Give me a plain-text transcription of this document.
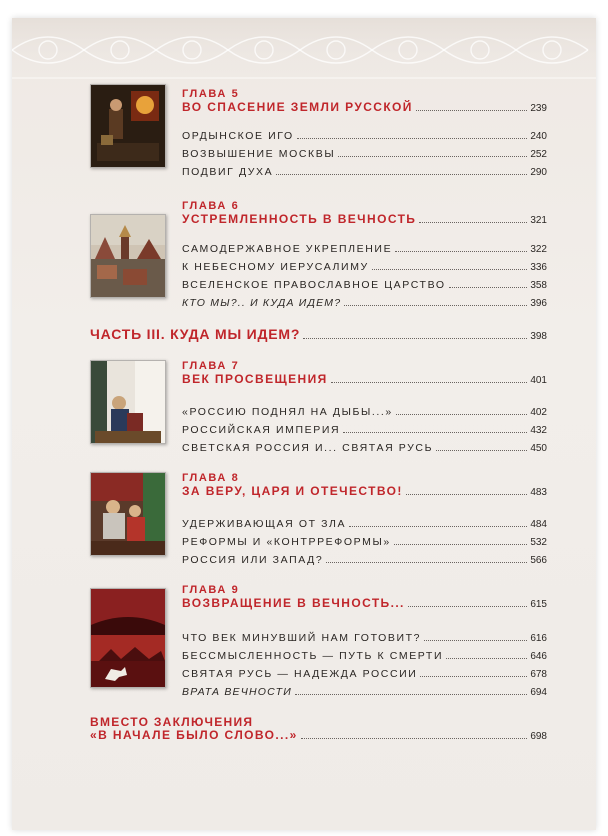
ГЛАВА 5
ВО СПАСЕНИЕ ЗЕМЛИ РУССКОЙ	239
ОРДЫНСКОЕ ИГО	240
ВОЗВЫШЕНИЕ МОСКВЫ	252
ПОДВИГ ДУХА	290
ГЛАВА 6
УСТРЕМЛЕННОСТЬ В ВЕЧНОСТЬ	321
САМОДЕРЖАВНОЕ УКРЕПЛЕНИЕ	322
К НЕБЕСНОМУ ИЕРУСАЛИМУ	336
ВСЕЛЕНСКОЕ ПРАВОСЛАВНОЕ ЦАРСТВО	358
КТО МЫ?.. И КУДА ИДЕМ?	396
ЧАСТЬ III. КУДА МЫ ИДЕМ?	398
ГЛАВА 7
ВЕК ПРОСВЕЩЕНИЯ	401
«РОССИЮ ПОДНЯЛ НА ДЫБЫ...»	402
РОССИЙСКАЯ ИМПЕРИЯ	432
СВЕТСКАЯ РОССИЯ И... СВЯТАЯ РУСЬ	450
ГЛАВА 8
ЗА ВЕРУ, ЦАРЯ И ОТЕЧЕСТВО!	483
УДЕРЖИВАЮЩАЯ ОТ ЗЛА	484
РЕФОРМЫ И «КОНТРРЕФОРМЫ»	532
РОССИЯ ИЛИ ЗАПАД?	566
ГЛАВА 9
ВОЗВРАЩЕНИЕ В ВЕЧНОСТЬ...	615
ЧТО ВЕК МИНУВШИЙ НАМ ГОТОВИТ?	616
БЕССМЫСЛЕННОСТЬ — ПУТЬ К СМЕРТИ	646
СВЯТАЯ РУСЬ — НАДЕЖДА РОССИИ	678
ВРАТА ВЕЧНОСТИ	694
ВМЕСТО ЗАКЛЮЧЕНИЯ
«В НАЧАЛЕ БЫЛО СЛОВО...»	698
